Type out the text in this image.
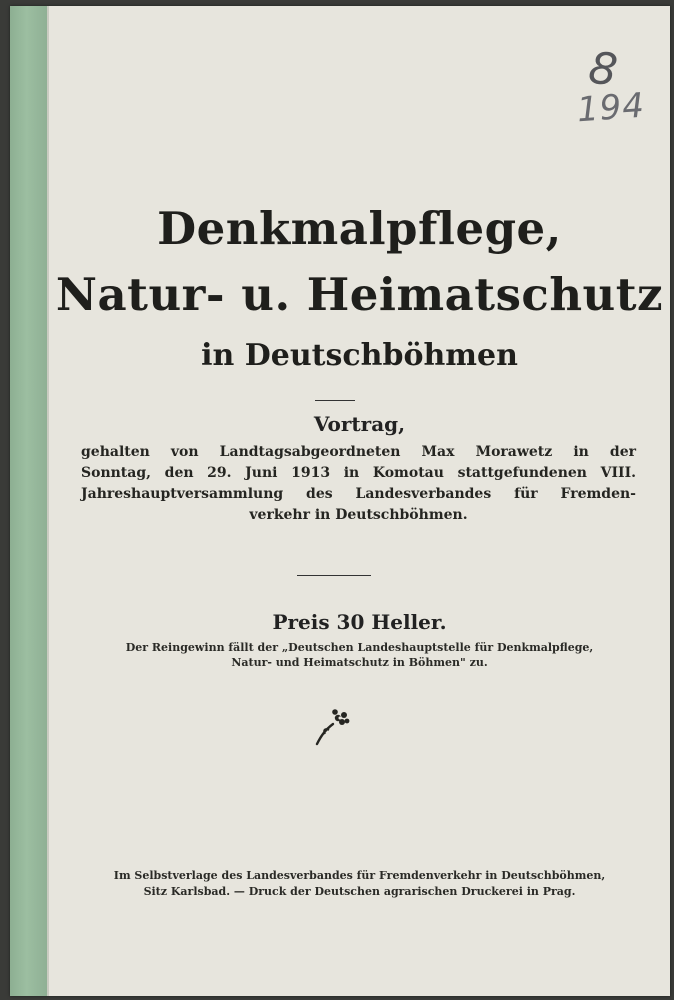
8
194
Denkmalpflege,
Natur- u. Heimatschutz
in Deutschböhmen
Vortrag,
gehalten von Landtagsabgeordneten Max Morawetz in der
Sonntag, den 29. Juni 1913 in Komotau stattgefundenen VIII.
Jahreshauptversammlung des Landesverbandes für Fremden-
verkehr in Deutschböhmen.
Preis 30 Heller.
Der Reingewinn fällt der „Deutschen Landeshauptstelle für Denkmalpflege,
Natur- und Heimatschutz in Böhmen" zu.
Im Selbstverlage des Landesverbandes für Fremdenverkehr in Deutschböhmen,
Sitz Karlsbad. — Druck der Deutschen agrarischen Druckerei in Prag.
